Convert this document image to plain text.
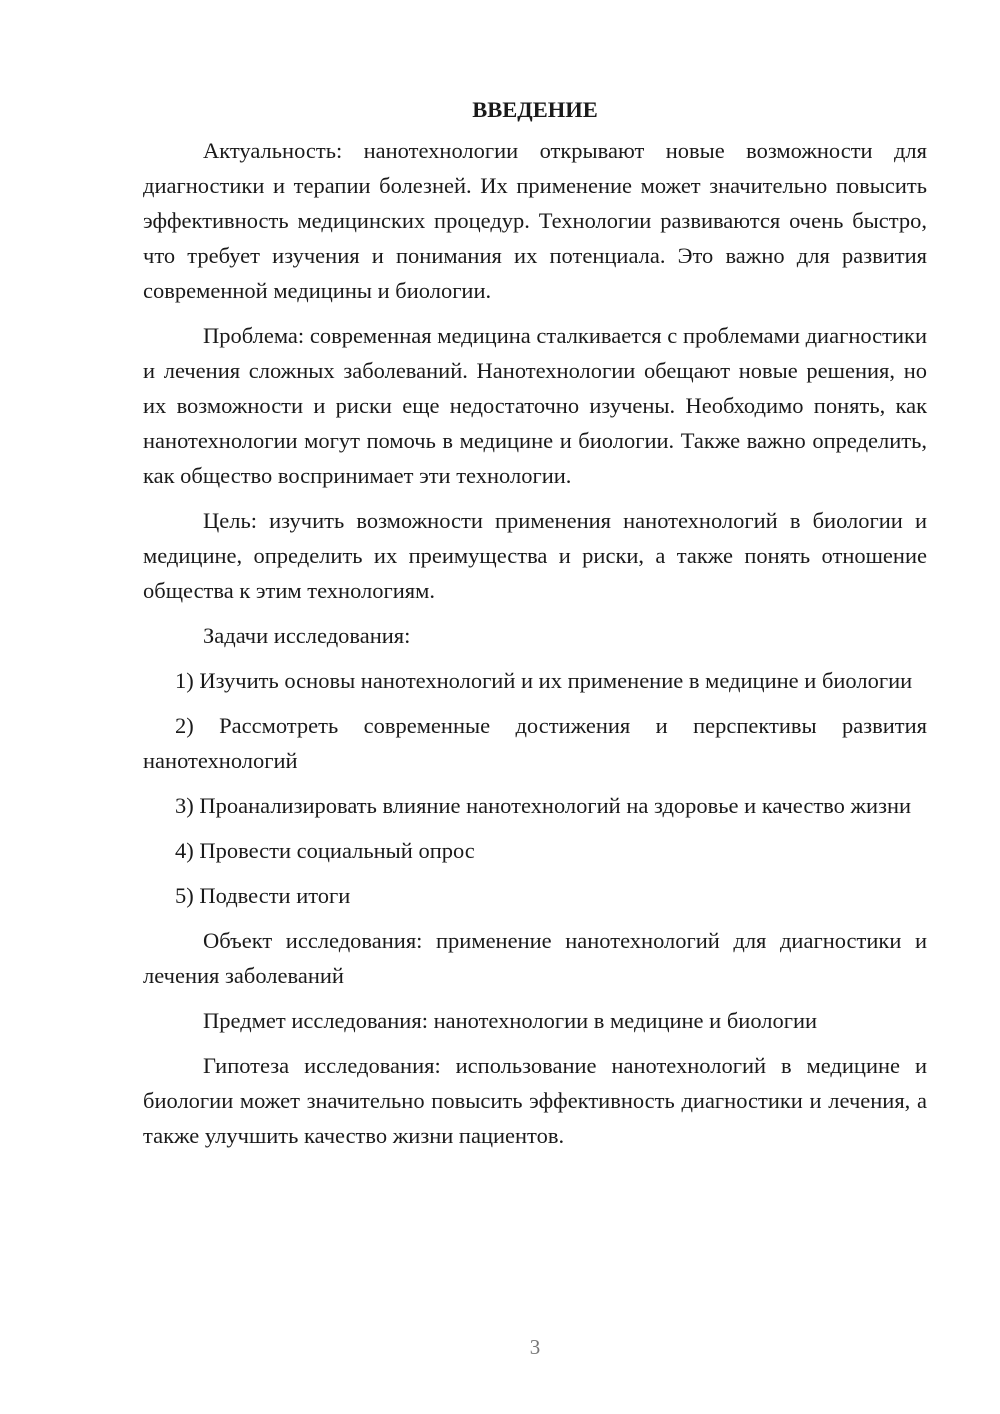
ВВЕДЕНИЕ

Актуальность: нанотехнологии открывают новые возможности для диагностики и терапии болезней. Их применение может значительно повысить эффективность медицинских процедур. Технологии развиваются очень быстро, что требует изучения и понимания их потенциала. Это важно для развития современной медицины и биологии.

Проблема: современная медицина сталкивается с проблемами диагностики и лечения сложных заболеваний. Нанотехнологии обещают новые решения, но их возможности и риски еще недостаточно изучены. Необходимо понять, как нанотехнологии могут помочь в медицине и биологии. Также важно определить, как общество воспринимает эти технологии.

Цель: изучить возможности применения нанотехнологий в биологии и медицине, определить их преимущества и риски, а также понять отношение общества к этим технологиям.

Задачи исследования:

1) Изучить основы нанотехнологий и их применение в медицине и биологии

2) Рассмотреть современные достижения и перспективы развития нанотехнологий

3) Проанализировать влияние нанотехнологий на здоровье и качество жизни

4) Провести социальный опрос

5) Подвести итоги

Объект исследования: применение нанотехнологий для диагностики и лечения заболеваний

Предмет исследования: нанотехнологии в медицине и биологии

Гипотеза исследования: использование нанотехнологий в медицине и биологии может значительно повысить эффективность диагностики и лечения, а также улучшить качество жизни пациентов.

3
